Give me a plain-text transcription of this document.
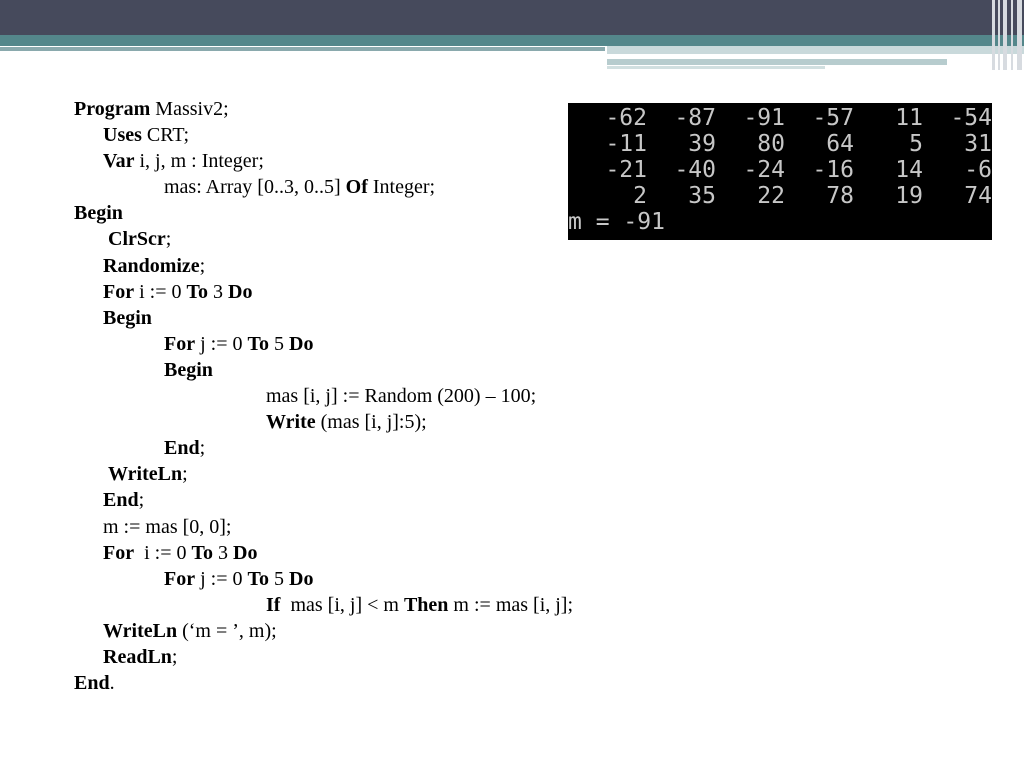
Program Massiv2;
Uses CRT;
Var i, j, m : Integer;
mas: Array [0..3, 0..5] Of Integer;
Begin
ClrScr;
Randomize;
For i := 0 To 3 Do
Begin
For j := 0 To 5 Do
Begin
mas [i, j] := Random (200) – 100;
Write (mas [i, j]:5);
End;
WriteLn;
End;
m := mas [0, 0];
For  i := 0 To 3 Do
For j := 0 To 5 Do
If  mas [i, j] < m Then m := mas [i, j];
WriteLn (‘m = ’, m);
ReadLn;
End.
-62	-87	-91	-57	11	-54
-11	39	80	64	5	31
-21	-40	-24	-16	14	-6
2	35	22	78	19	74
m = -91
